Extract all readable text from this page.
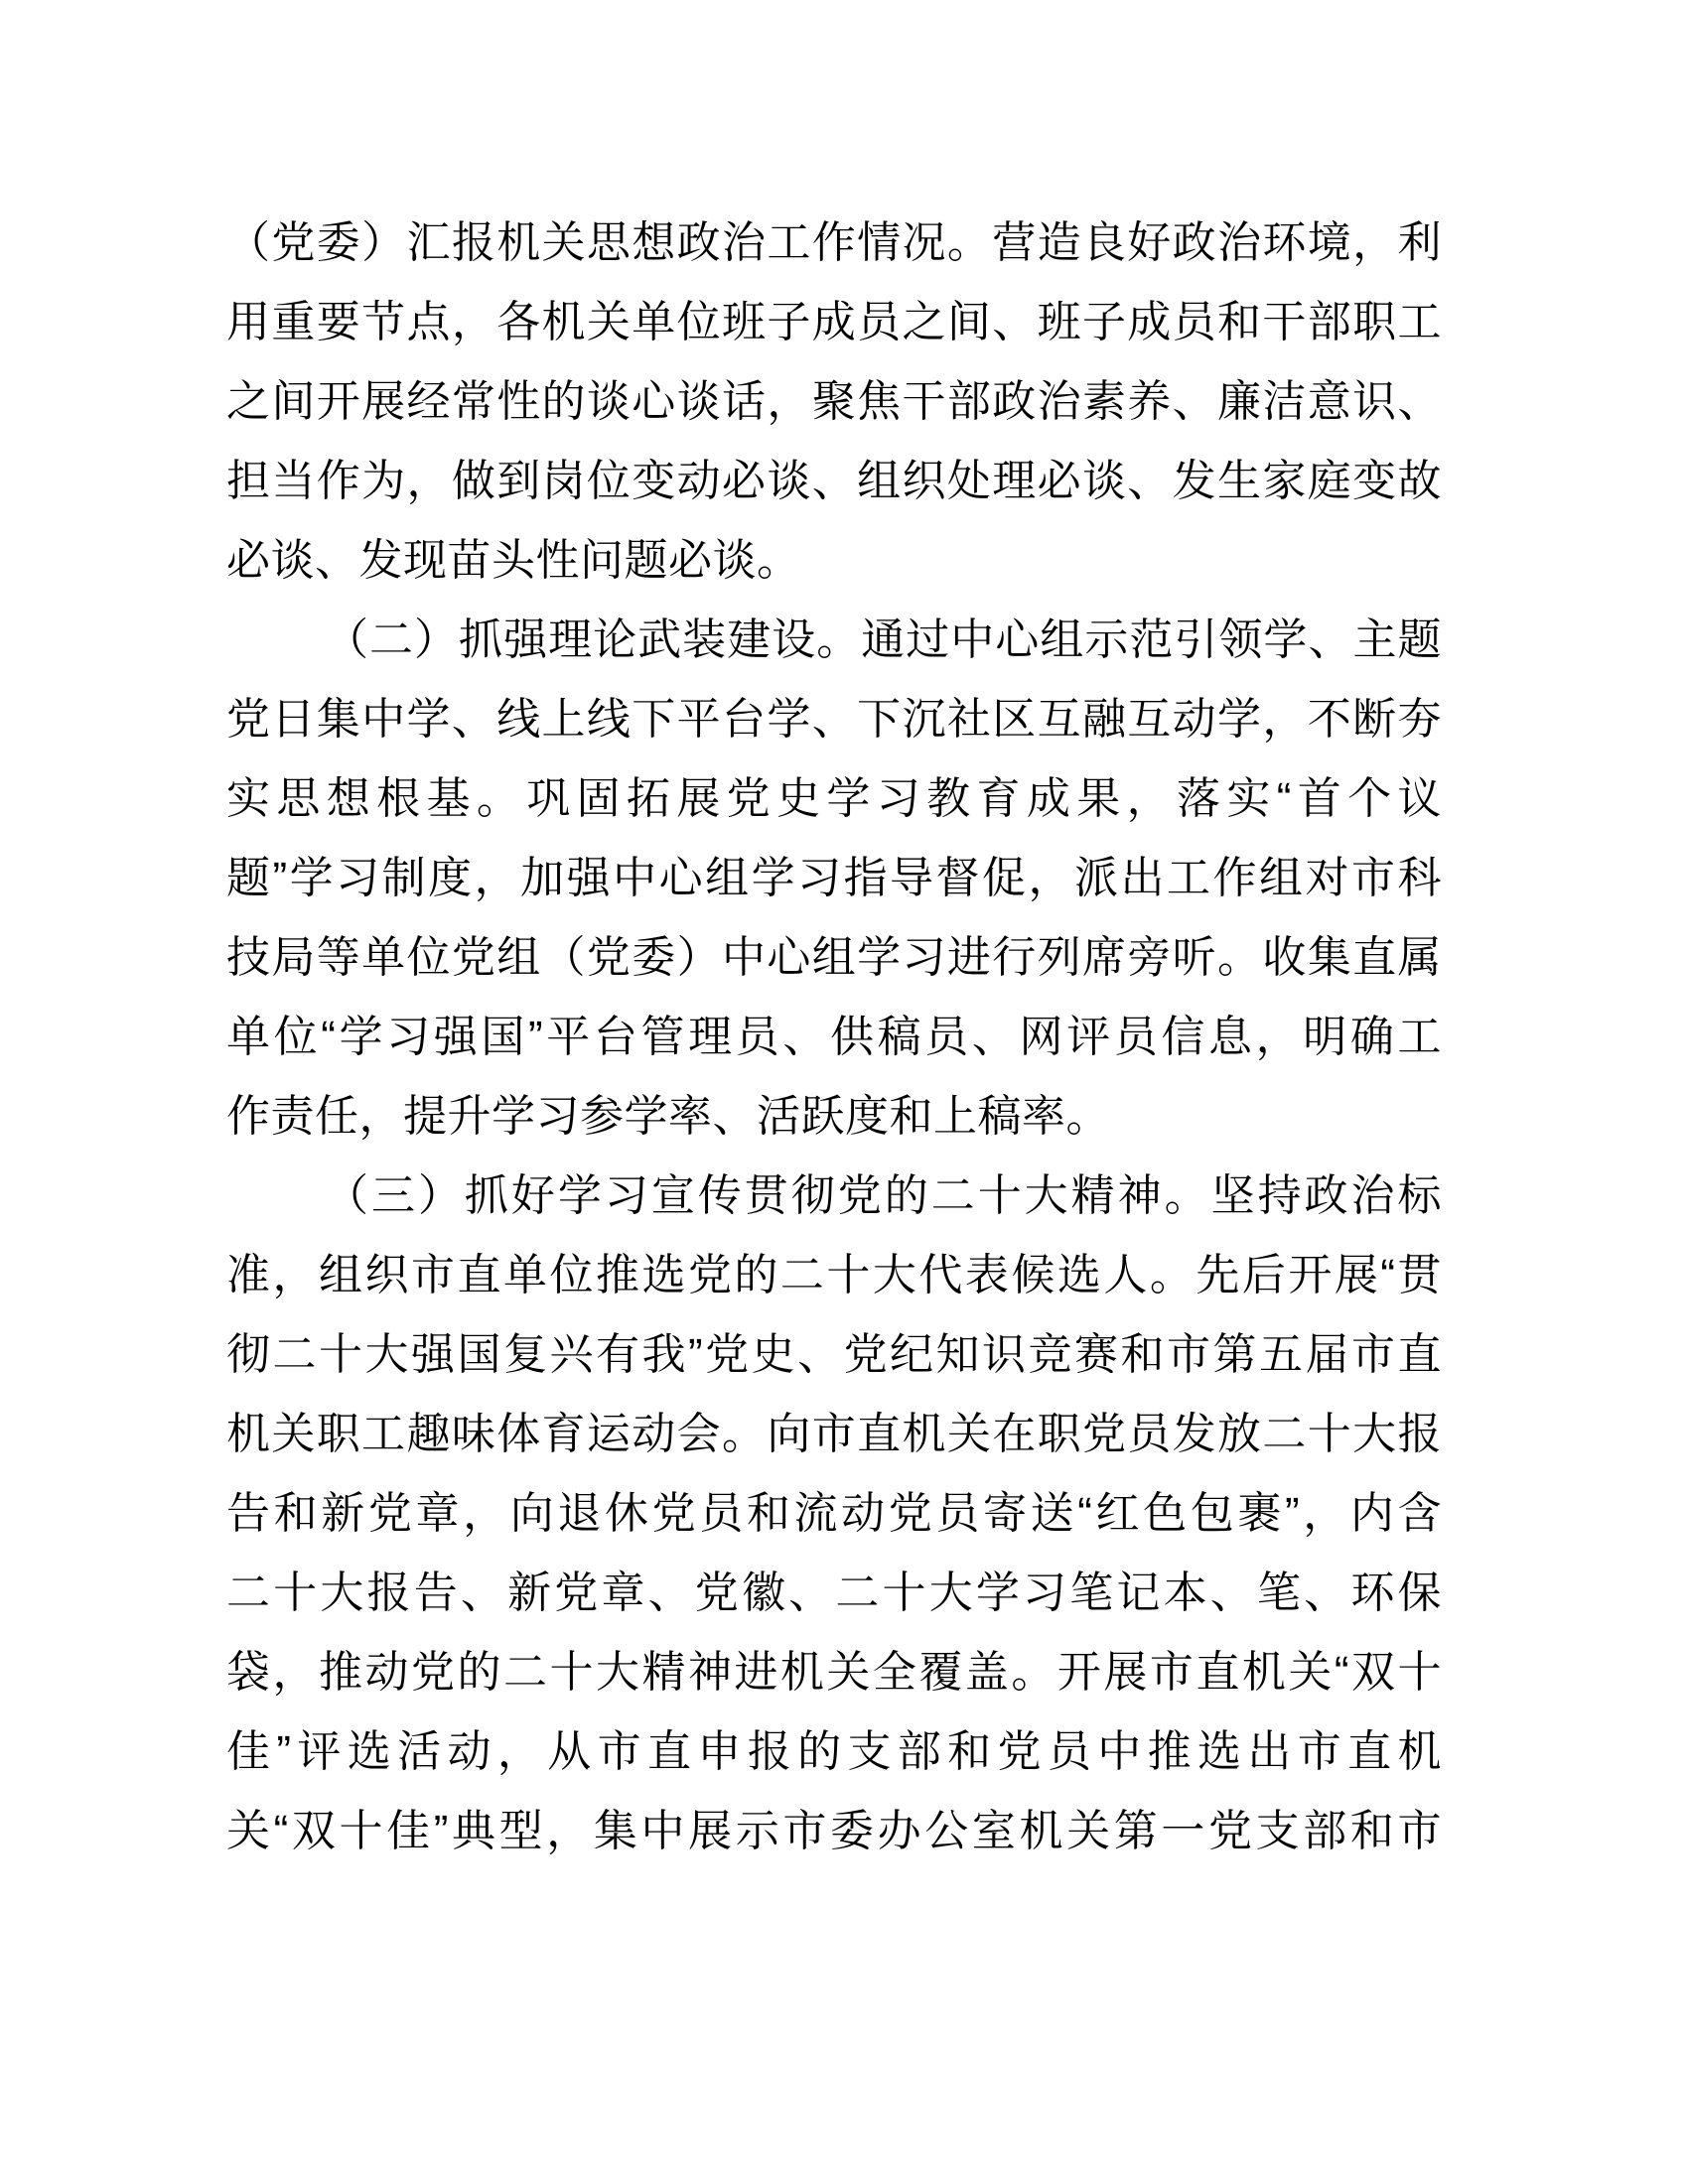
（党委）汇报机关思想政治工作情况。营造良好政治环境，利
用重要节点，各机关单位班子成员之间、班子成员和干部职工
之间开展经常性的谈心谈话，聚焦干部政治素养、廉洁意识、
担当作为，做到岗位变动必谈、组织处理必谈、发生家庭变故
必谈、发现苗头性问题必谈。
（二）抓强理论武装建设。通过中心组示范引领学、主题
党日集中学、线上线下平台学、下沉社区互融互动学，不断夯
实思想根基。巩固拓展党史学习教育成果，落实“首个议
题”学习制度，加强中心组学习指导督促，派出工作组对市科
技局等单位党组（党委）中心组学习进行列席旁听。收集直属
单位“学习强国”平台管理员、供稿员、网评员信息，明确工
作责任，提升学习参学率、活跃度和上稿率。
（三）抓好学习宣传贯彻党的二十大精神。坚持政治标
准，组织市直单位推选党的二十大代表候选人。先后开展“贯
彻二十大强国复兴有我”党史、党纪知识竞赛和市第五届市直
机关职工趣味体育运动会。向市直机关在职党员发放二十大报
告和新党章，向退休党员和流动党员寄送“红色包裹”，内含
二十大报告、新党章、党徽、二十大学习笔记本、笔、环保
袋，推动党的二十大精神进机关全覆盖。开展市直机关“双十
佳”评选活动，从市直申报的支部和党员中推选出市直机
关“双十佳”典型，集中展示市委办公室机关第一党支部和市
